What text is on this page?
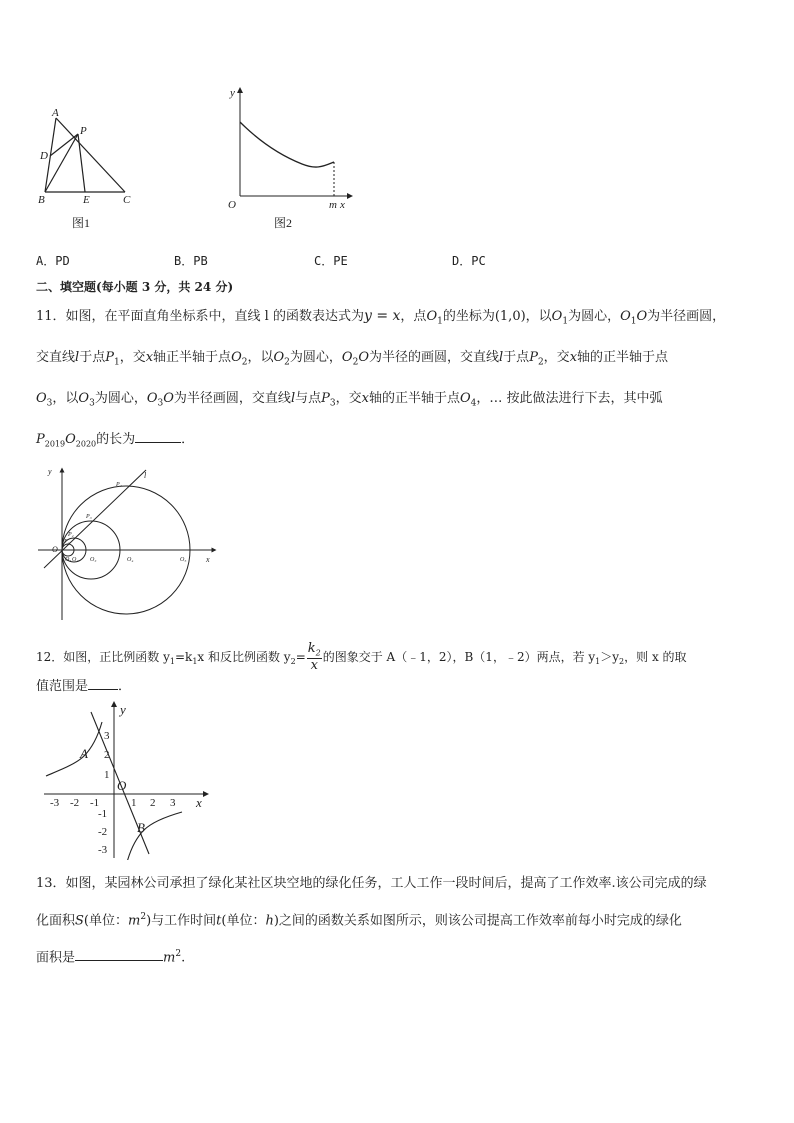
A
P
D
B	E	C
图1
y
O	m x
图2
A．PD	B．PB	C．PE	D．PC
二、填空题(每小题 3 分，共 24 分)
11．如图，在平面直角坐标系中，直线 l 的函数表达式为y = x，点$O_1$的坐标为(1,0)，以$O_1$为圆心，$O_1O$为半径画圆，
交直线l于点$P_1$，交x轴正半轴于点$O_2$，以$O_2$为圆心，$O_2O$为半径的画圆，交直线l于点$P_2$，交x轴的正半轴于点
$O_3$，以$O_3$为圆心，$O_3O$为半径画圆，交直线l与点$P_3$，交x轴的正半轴于点$O_4$，… 按此做法进行下去，其中弧
$P_{2019}O_{2020}$的长为	．
y
x
l
O
O₁ O₂ O₃	O₄	O₅
P₁
P₂
P₃
P₄
12．如图，正比例函数 $y_1=k_1x$ 和反比例函数 $y_2= \frac{k_2}{x}$ 的图象交于 A（﹣1，2），B（1，﹣2）两点，若 $y_1>y_2$，则 x 的取
值范围是 ．
-3 -2 -1	1 2 3
3
2
1
-1
-2
-3
y
x
O
A
B
13．如图，某园林公司承担了绿化某社区块空地的绿化任务，工人工作一段时间后，提高了工作效率.该公司完成的绿
化面积S(单位：$m^2$)与工作时间t(单位：h)之间的函数关系如图所示，则该公司提高工作效率前每小时完成的绿化
面积是	$m^2$.
